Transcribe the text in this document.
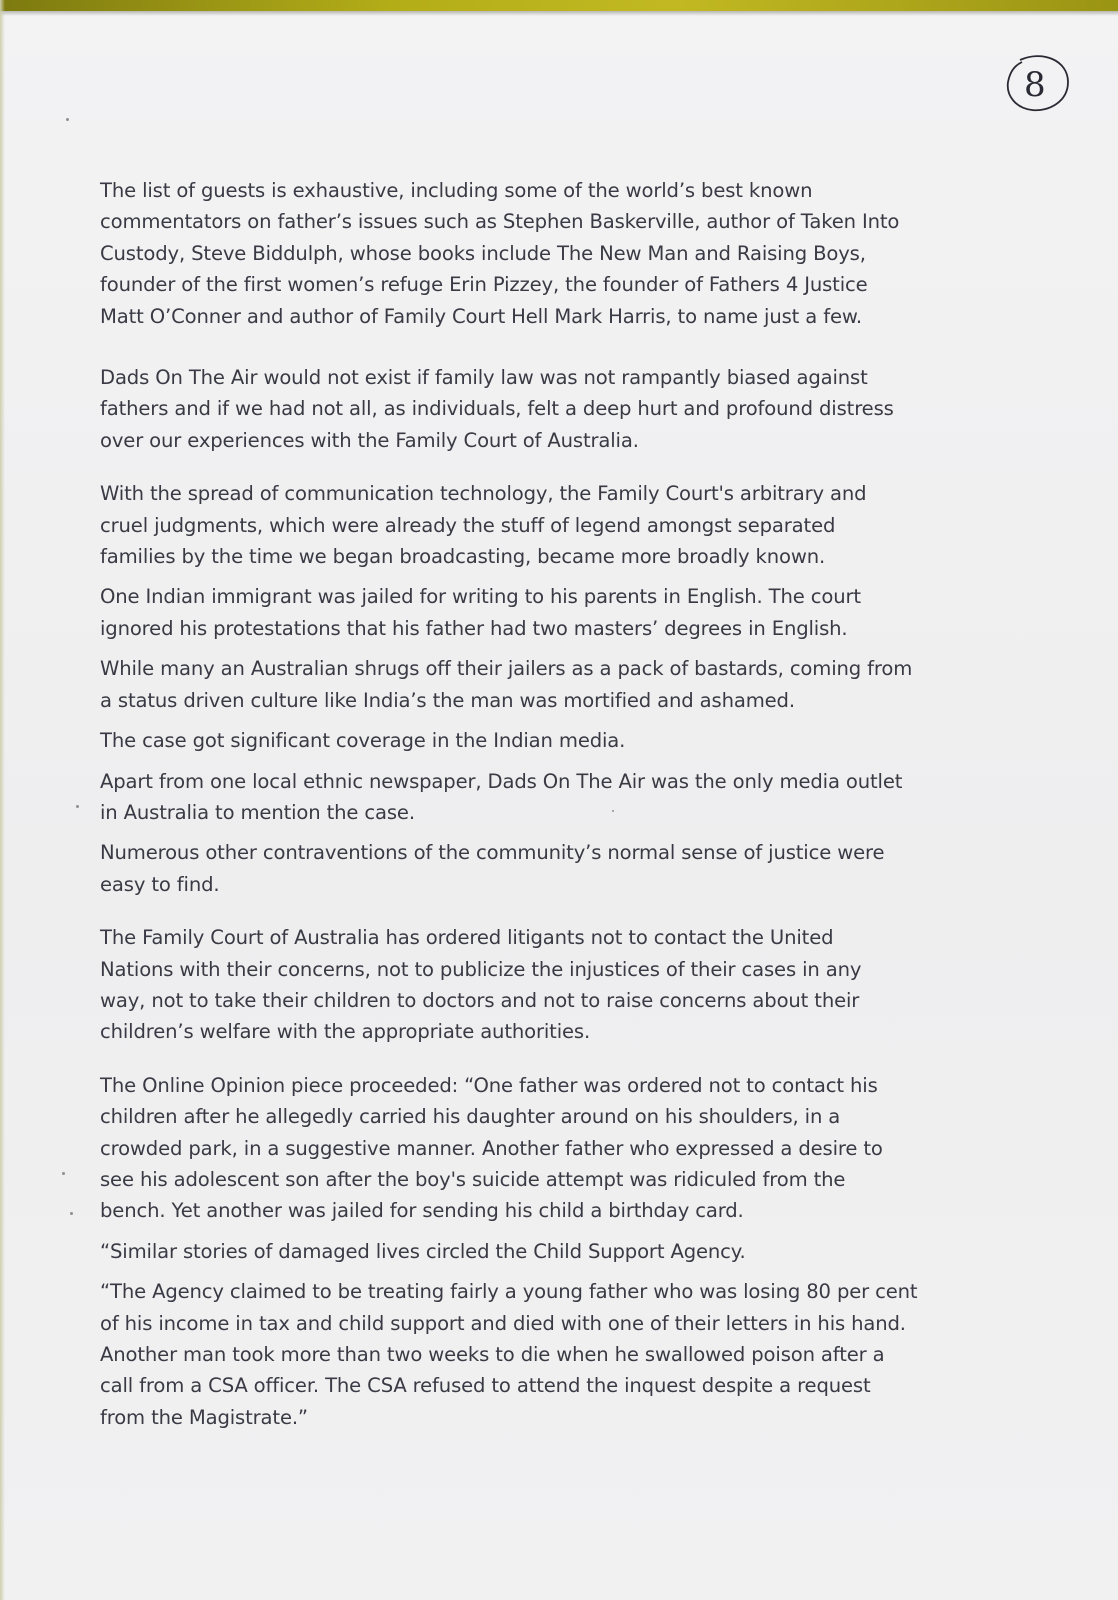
8

The list of guests is exhaustive, including some of the world’s best known
commentators on father’s issues such as Stephen Baskerville, author of Taken Into
Custody, Steve Biddulph, whose books include The New Man and Raising Boys,
founder of the first women’s refuge Erin Pizzey, the founder of Fathers 4 Justice
Matt O’Conner and author of Family Court Hell Mark Harris, to name just a few.

Dads On The Air would not exist if family law was not rampantly biased against
fathers and if we had not all, as individuals, felt a deep hurt and profound distress
over our experiences with the Family Court of Australia.

With the spread of communication technology, the Family Court's arbitrary and
cruel judgments, which were already the stuff of legend amongst separated
families by the time we began broadcasting, became more broadly known.

One Indian immigrant was jailed for writing to his parents in English. The court
ignored his protestations that his father had two masters’ degrees in English.

While many an Australian shrugs off their jailers as a pack of bastards, coming from
a status driven culture like India’s the man was mortified and ashamed.

The case got significant coverage in the Indian media.

Apart from one local ethnic newspaper, Dads On The Air was the only media outlet
in Australia to mention the case.

Numerous other contraventions of the community’s normal sense of justice were
easy to find.

The Family Court of Australia has ordered litigants not to contact the United
Nations with their concerns, not to publicize the injustices of their cases in any
way, not to take their children to doctors and not to raise concerns about their
children’s welfare with the appropriate authorities.

The Online Opinion piece proceeded: “One father was ordered not to contact his
children after he allegedly carried his daughter around on his shoulders, in a
crowded park, in a suggestive manner. Another father who expressed a desire to
see his adolescent son after the boy's suicide attempt was ridiculed from the
bench. Yet another was jailed for sending his child a birthday card.

“Similar stories of damaged lives circled the Child Support Agency.

“The Agency claimed to be treating fairly a young father who was losing 80 per cent
of his income in tax and child support and died with one of their letters in his hand.
Another man took more than two weeks to die when he swallowed poison after a
call from a CSA officer. The CSA refused to attend the inquest despite a request
from the Magistrate.”
